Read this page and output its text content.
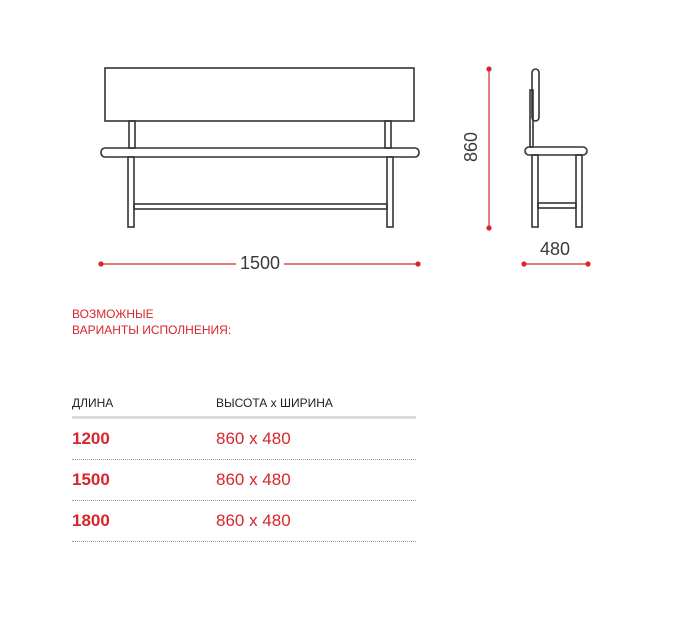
1500
860
480
ВОЗМОЖНЫЕ
ВАРИАНТЫ ИСПОЛНЕНИЯ:
ДЛИНА	ВЫСОТА х ШИРИНА
1200	860 х 480
1500	860 х 480
1800	860 х 480
